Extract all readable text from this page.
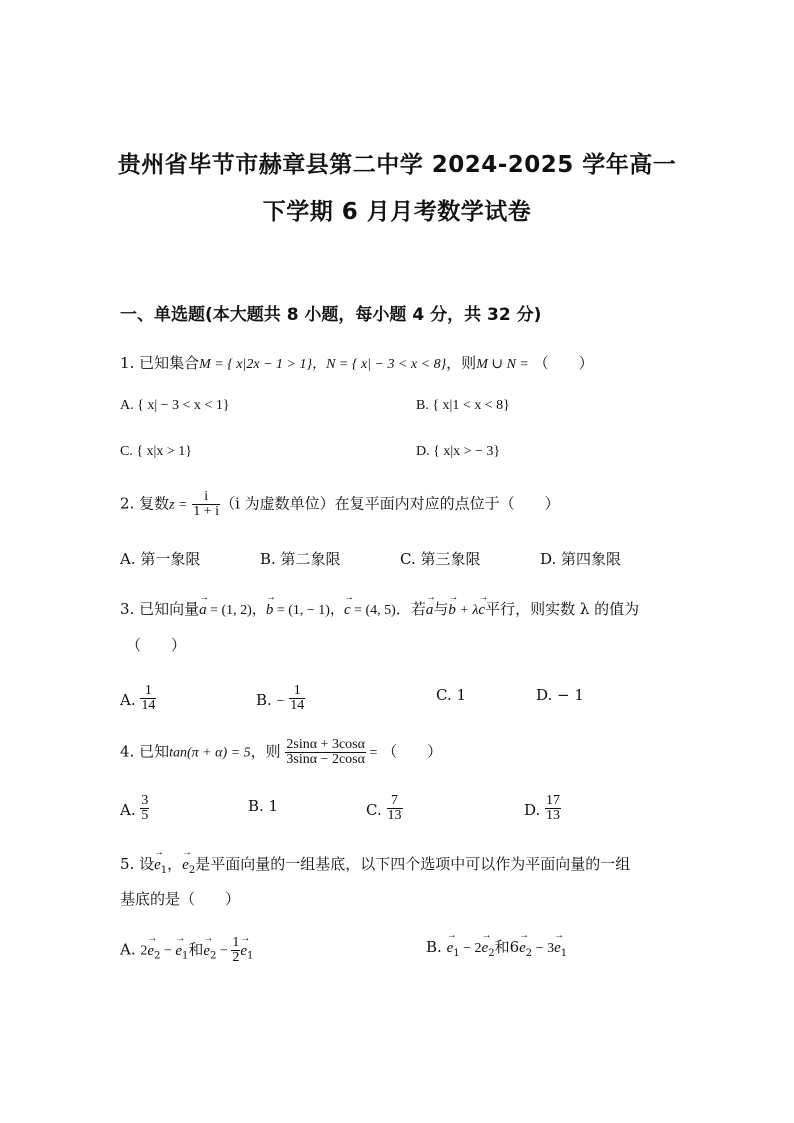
贵州省毕节市赫章县第二中学 2024-2025 学年高一
下学期 6 月月考数学试卷
一、单选题(本大题共 8 小题，每小题 4 分，共 32 分)
1. 已知集合M = { x|2x − 1 > 1}，N = { x| − 3 < x < 8}，则M ∪ N = （　　）
A. { x| − 3 < x < 1}	B. { x|1 < x < 8}
C. { x|x > 1}	D. { x|x > − 3}
2. 复数$z = \frac{i}{1 + i} (i$ 为虚数单位）在复平面内对应的点位于（　　）
A. 第一象限	B. 第二象限	C. 第三象限	D. 第四象限
3. 已知向量→ a = (1, 2)，→ b = (1, − 1)，→ c = (4, 5)．若→ a与→ b + λ→ c平行，则实数 λ 的值为
（　　）
A. $\frac{1}{14}$	B. − $\frac{1}{14}$	C. 1	D. − 1
4. 已知tan(π + α) = 5，则 $\frac{2\sin\alpha + 3\cos\alpha}{3\sin\alpha - 2\cos\alpha}$ = （　　）
A. $\frac{3}{5}$	B. 1	C. $\frac{7}{13}$	D. $\frac{17}{13}$
5. 设→ $e_1$，→ $e_2$是平面向量的一组基底，以下四个选项中可以作为平面向量的一组
基底的是（　　）
A. $2\to e_2$ − → $e_1$和→ $e_2 - \frac{1}{2}$
→ $e_1$	B. → $e_1 - 2\to e_2$和$6\to e_2 - 3\to e_1$
